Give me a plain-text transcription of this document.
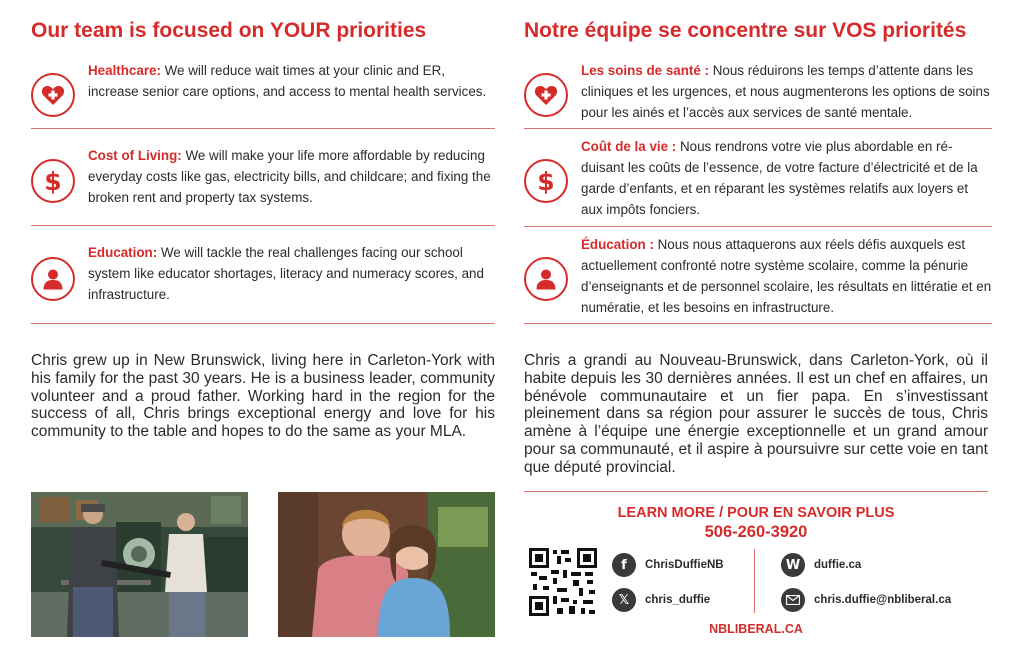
Our team is focused on YOUR priorities
Healthcare: We will reduce wait times at your clinic and ER, increase senior care options, and access to mental health services.
$
Cost of Living: We will make your life more affordable by reducing everyday costs like gas, electricity bills, and childcare; and fixing the broken rent and property tax systems.
Education: We will tackle the real challenges facing our school system like educator shortages, literacy and numeracy scores, and infrastructure.
Chris grew up in New Brunswick, living here in Carleton-York with his family for the past 30 years. He is a business leader, community volunteer and a proud father. Working hard in the region for the success of all, Chris brings exceptional energy and love for his community to the table and hopes to do the same as your MLA.
Notre équipe se concentre sur VOS priorités
Les soins de santé : Nous réduirons les temps d’attente dans les cliniques et les urgences, et nous augmenterons les options de soins pour les ainés et l’accès aux services de santé mentale.
$
Coût de la vie : Nous rendrons votre vie plus abordable en ré-duisant les coûts de l’essence, de votre facture d’électricité et de la garde d’enfants, et en réparant les systèmes relatifs aux loyers et aux impôts fonciers.
Éducation : Nous nous attaquerons aux réels défis auxquels est actuellement confronté notre système scolaire, comme la pénurie d’enseignants et de personnel scolaire, les résultats en littératie et en numératie, et les besoins en infrastructure.
Chris a grandi au Nouveau-Brunswick, dans Carleton-York, où il habite depuis les 30 dernières années. Il est un chef en affaires, un bénévole communautaire et un fier papa. En s’investissant pleinement dans sa région pour assurer le succès de tous, Chris amène à l’équipe une énergie exceptionnelle et un grand amour pour sa communauté, et il aspire à poursuivre sur cette voie en tant que député provincial.
LEARN MORE / POUR EN SAVOIR PLUS
506-260-3920
f	ChrisDuffieNB
𝕏	chris_duffie
W	duffie.ca
chris.duffie@nbliberal.ca
NBLIBERAL.CA
